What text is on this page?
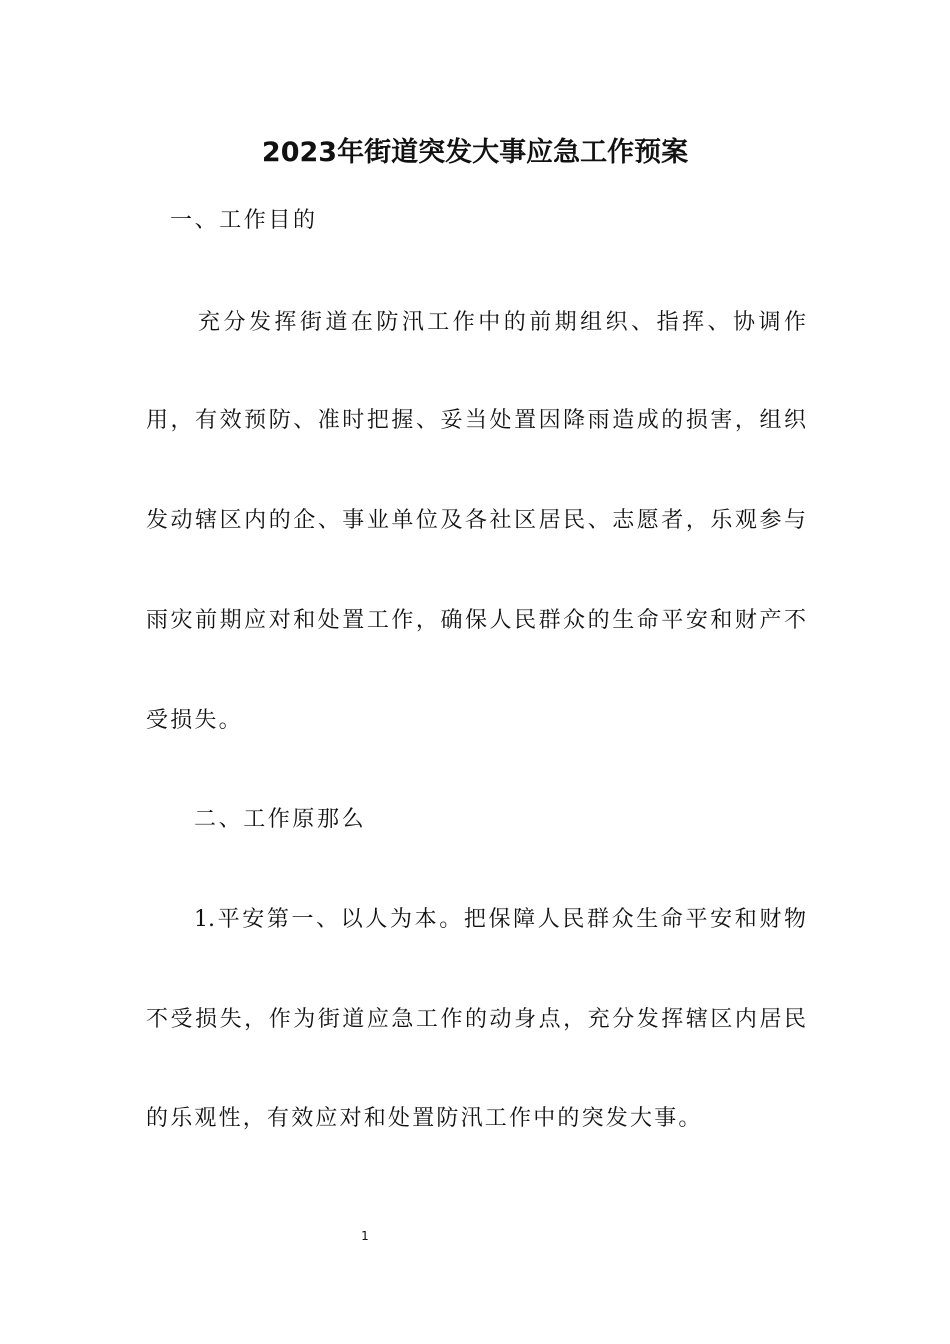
2023年街道突发大事应急工作预案

一、工作目的

充分发挥街道在防汛工作中的前期组织、指挥、协调作

用，有效预防、准时把握、妥当处置因降雨造成的损害，组织

发动辖区内的企、事业单位及各社区居民、志愿者，乐观参与

雨灾前期应对和处置工作，确保人民群众的生命平安和财产不

受损失。

二、工作原那么

1.平安第一、以人为本。把保障人民群众生命平安和财物

不受损失，作为街道应急工作的动身点，充分发挥辖区内居民

的乐观性，有效应对和处置防汛工作中的突发大事。

1
